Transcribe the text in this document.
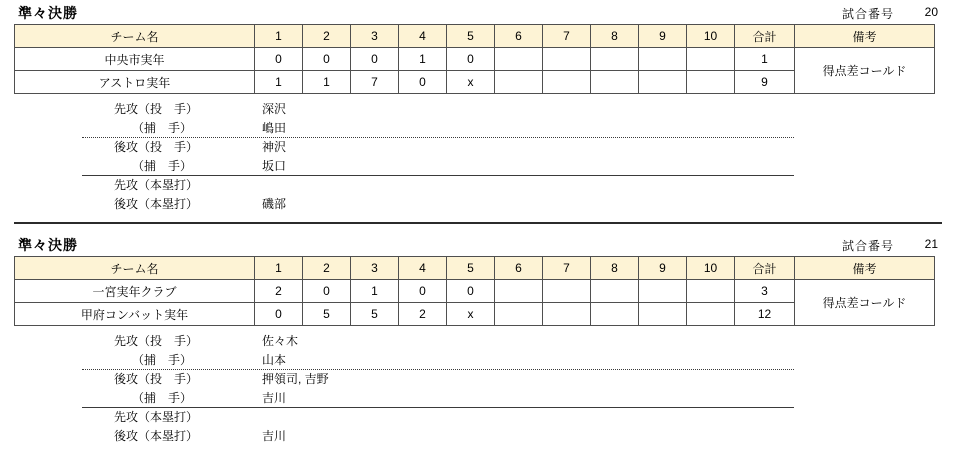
準々決勝	試合番号	20
チーム名	1	2	3	4	5	6	7	8	9	10	合計	備考
中央市実年	0	0	0	1	0						1	得点差コールド
アストロ実年	1	1	7	0	x						9	
先攻（投　手）	深沢
　　（捕　手）	嶋田
後攻（投　手）	神沢
　　（捕　手）	坂口
先攻（本塁打）
後攻（本塁打）	磯部
準々決勝	試合番号	21
チーム名	1	2	3	4	5	6	7	8	9	10	合計	備考
一宮実年クラブ	2	0	1	0	0						3	得点差コールド
甲府コンバット実年	0	5	5	2	x						12	
先攻（投　手）	佐々木
　　（捕　手）	山本
後攻（投　手）	押領司, 吉野
　　（捕　手）	吉川
先攻（本塁打）
後攻（本塁打）	吉川
